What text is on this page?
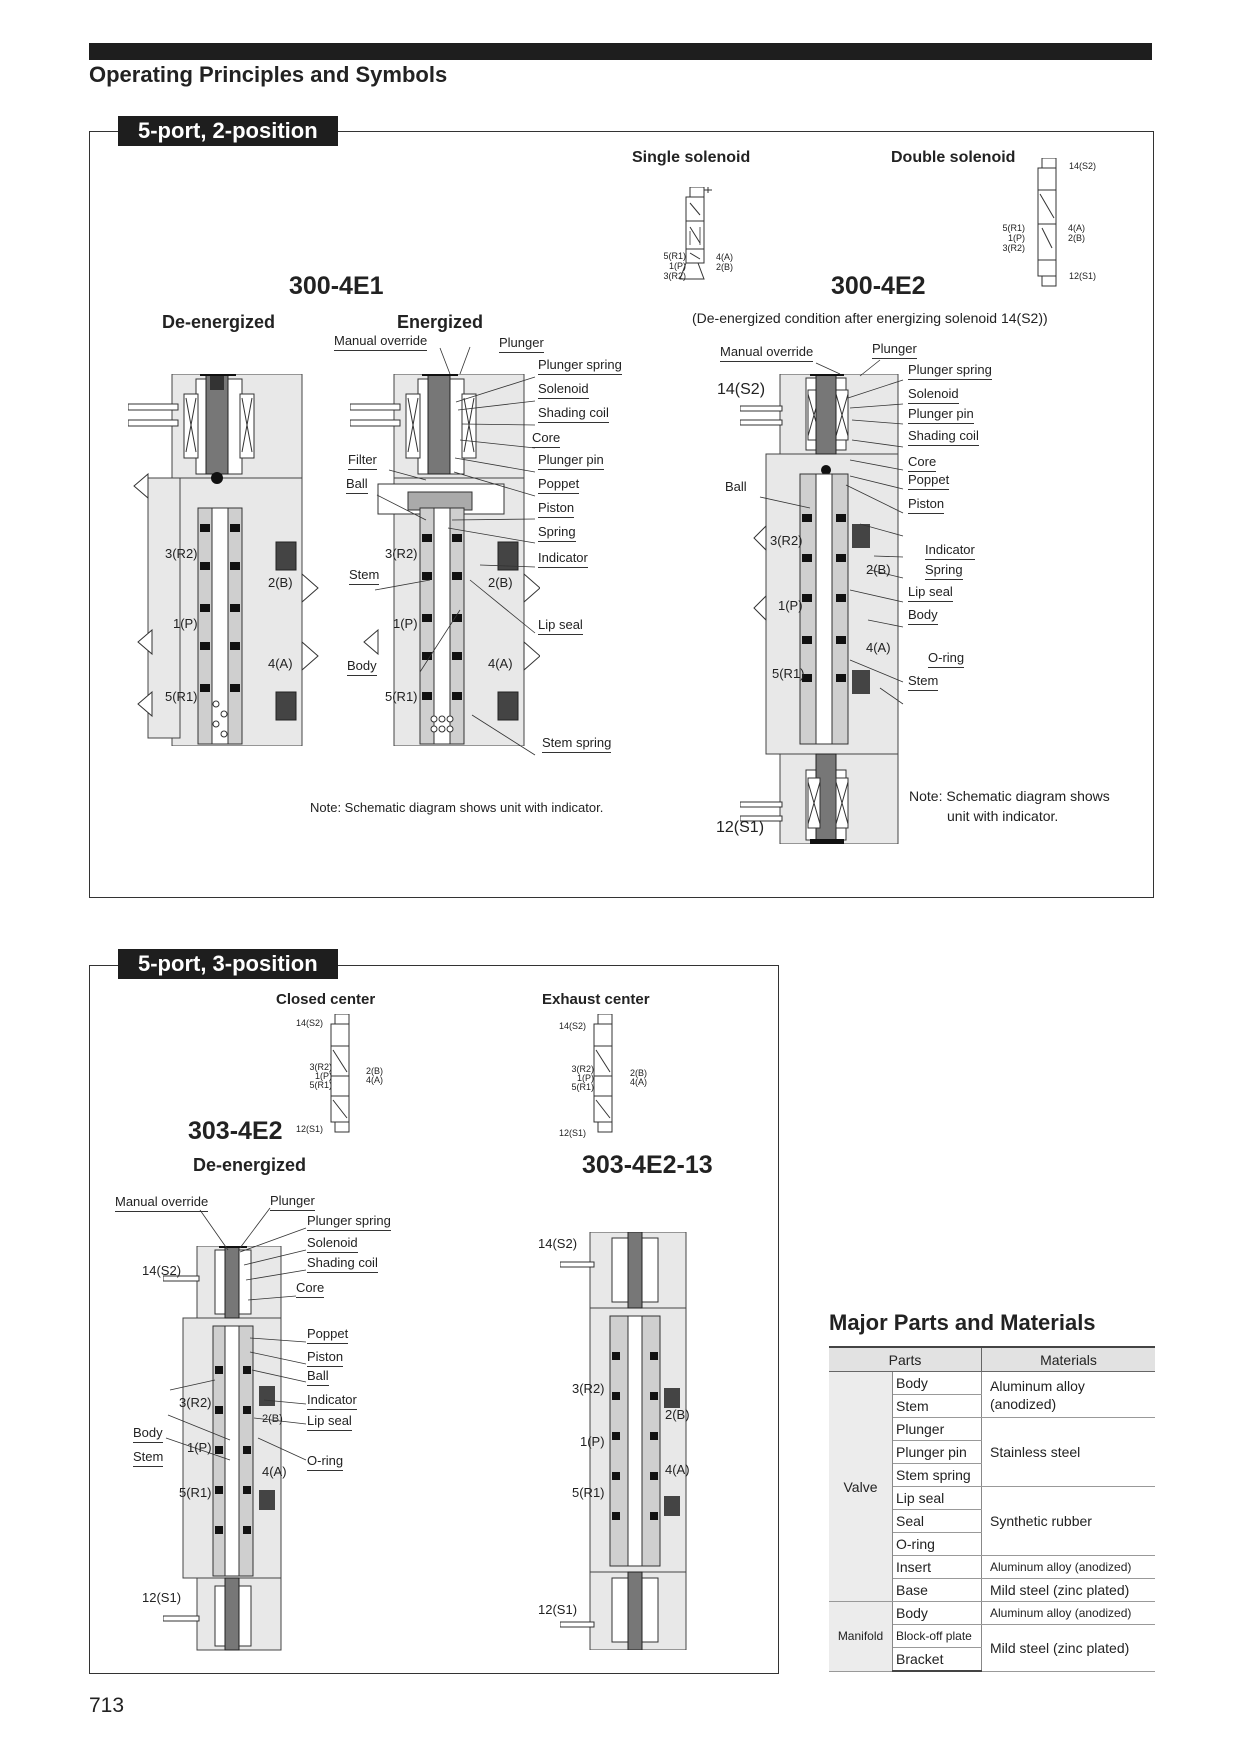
Operating Principles and Symbols
5-port, 2-position
Single solenoid	Double solenoid
5(R1)
1(P)
3(R2)
4(A)
2(B)
14(S2)
12(S1)
5(R1)
1(P)
3(R2)
4(A)
2(B)
300-4E1	300-4E2
(De-energized condition after energizing solenoid 14(S2))
De-energized	Energized
Manual override	Plunger
Plunger spring
Solenoid
Shading coil
Core
Plunger pin
Filter
Poppet
Ball
Piston
Spring
Indicator
Stem
Lip seal
Body
Stem spring
3(R2)
2(B)
1(P)
4(A)
5(R1)
3(R2)
2(B)
1(P)
4(A)
5(R1)
Manual override	Plunger
Plunger spring
14(S2)	Solenoid
Plunger pin
Shading coil
Core
Poppet
Ball
Piston
Indicator
Spring
Lip seal
Body
O-ring
Stem
3(R2)
2(B)
1(P)
4(A)
5(R1)
12(S1)
Note: Schematic diagram shows unit with indicator.
Note: Schematic diagram shows
unit with indicator.
5-port, 3-position
Closed center	Exhaust center
14(S2)
12(S1)
3(R2)
1(P)
5(R1)
2(B)
4(A)
14(S2)
12(S1)
3(R2)
1(P)
5(R1)
2(B)
4(A)
303-4E2
303-4E2-13
De-energized
Manual override	Plunger
Plunger spring
Solenoid
Shading coil
Core
Poppet
Piston
Ball
Indicator
Lip seal
Body
Stem	O-ring
14(S2)
3(R2)
2(B)
1(P)
4(A)
5(R1)
12(S1)
14(S2)
3(R2)
2(B)
1(P)
4(A)
5(R1)
12(S1)
Major Parts and Materials
Parts		Materials
Valve	Body	Aluminum alloy
(anodized)

	Stem	
	Plunger	Stainless steel
	Plunger pin	
	Stem spring	
	Lip seal	Synthetic rubber
	Seal	
	O-ring	
	Insert	Aluminum alloy (anodized)
	Base	Mild steel (zinc plated)
Manifold	Body	Aluminum alloy (anodized)
	Block-off plate	Mild steel (zinc plated)
	Bracket	
713
